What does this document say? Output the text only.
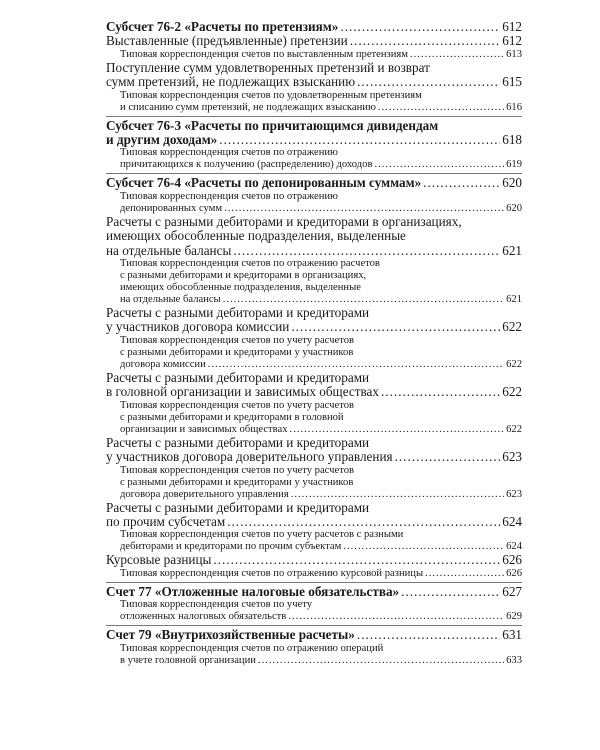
Субсчет 76-2 «Расчеты по претензиям» .....	612
Выставленные (предъявленные) претензии .....	612
Типовая корреспонденция счетов по выставленным претензиям .....	613
Поступление сумм удовлетворенных претензий и возврат
сумм претензий, не подлежащих взысканию .....	615
Типовая корреспонденция счетов по удовлетворенным претензиям
и списанию сумм претензий, не подлежащих взысканию .....	616
Субсчет 76-3 «Расчеты по причитающимся дивидендам
и другим доходам» .....	618
Типовая корреспонденция счетов по отражению
причитающихся к получению (распределению) доходов .....	619
Субсчет 76-4 «Расчеты по депонированным суммам» .....	620
Типовая корреспонденция счетов по отражению
депонированных сумм .....	620
Расчеты с разными дебиторами и кредиторами в организациях,
имеющих обособленные подразделения, выделенные
на отдельные балансы .....	621
Типовая корреспонденция счетов по отражению расчетов
с разными дебиторами и кредиторами в организациях,
имеющих обособленные подразделения, выделенные
на отдельные балансы .....	621
Расчеты с разными дебиторами и кредиторами
у участников договора комиссии .....	622
Типовая корреспонденция счетов по учету расчетов
с разными дебиторами и кредиторами у участников
договора комиссии .....	622
Расчеты с разными дебиторами и кредиторами
в головной организации и зависимых обществах .....	622
Типовая корреспонденция счетов по учету расчетов
с разными дебиторами и кредиторами в головной
организации и зависимых обществах .....	622
Расчеты с разными дебиторами и кредиторами
у участников договора доверительного управления .....	623
Типовая корреспонденция счетов по учету расчетов
с разными дебиторами и кредиторами у участников
договора доверительного управления .....	623
Расчеты с разными дебиторами и кредиторами
по прочим субсчетам .....	624
Типовая корреспонденция счетов по учету расчетов с разными
дебиторами и кредиторами по прочим субъектам .....	624
Курсовые разницы .....	626
Типовая корреспонденция счетов по отражению курсовой разницы .....	626
Счет 77 «Отложенные налоговые обязательства» .....	627
Типовая корреспонденция счетов по учету
отложенных налоговых обязательств .....	629
Счет 79 «Внутрихозяйственные расчеты» .....	631
Типовая корреспонденция счетов по отражению операций
в учете головной организации .....	633
